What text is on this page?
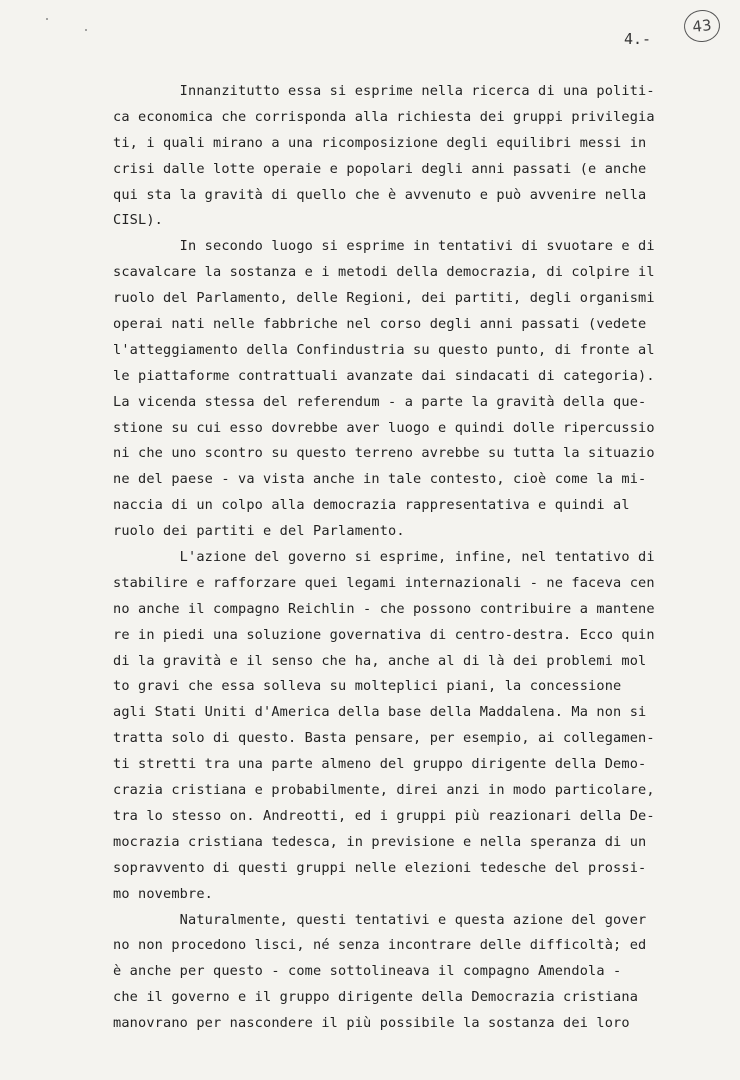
4.-
43
Innanzitutto essa si esprime nella ricerca di una politi-
ca economica che corrisponda alla richiesta dei gruppi privilegia
ti, i quali mirano a una ricomposizione degli equilibri messi in
crisi dalle lotte operaie e popolari degli anni passati (e anche
qui sta la gravità di quello che è avvenuto e può avvenire nella
CISL).
In secondo luogo si esprime in tentativi di svuotare e di
scavalcare la sostanza e i metodi della democrazia, di colpire il
ruolo del Parlamento, delle Regioni, dei partiti, degli organismi
operai nati nelle fabbriche nel corso degli anni passati (vedete
l'atteggiamento della Confindustria su questo punto, di fronte al
le piattaforme contrattuali avanzate dai sindacati di categoria).
La vicenda stessa del referendum - a parte la gravità della que-
stione su cui esso dovrebbe aver luogo e quindi dolle ripercussio
ni che uno scontro su questo terreno avrebbe su tutta la situazio
ne del paese - va vista anche in tale contesto, cioè come la mi-
naccia di un colpo alla democrazia rappresentativa e quindi al
ruolo dei partiti e del Parlamento.
L'azione del governo si esprime, infine, nel tentativo di
stabilire e rafforzare quei legami internazionali - ne faceva cen
no anche il compagno Reichlin - che possono contribuire a mantene
re in piedi una soluzione governativa di centro-destra. Ecco quin
di la gravità e il senso che ha, anche al di là dei problemi mol
to gravi che essa solleva su molteplici piani, la concessione
agli Stati Uniti d'America della base della Maddalena. Ma non si
tratta solo di questo. Basta pensare, per esempio, ai collegamen-
ti stretti tra una parte almeno del gruppo dirigente della Demo-
crazia cristiana e probabilmente, direi anzi in modo particolare,
tra lo stesso on. Andreotti, ed i gruppi più reazionari della De-
mocrazia cristiana tedesca, in previsione e nella speranza di un
sopravvento di questi gruppi nelle elezioni tedesche del prossi-
mo novembre.
Naturalmente, questi tentativi e questa azione del gover
no non procedono lisci, né senza incontrare delle difficoltà; ed
è anche per questo - come sottolineava il compagno Amendola -
che il governo e il gruppo dirigente della Democrazia cristiana
manovrano per nascondere il più possibile la sostanza dei loro
